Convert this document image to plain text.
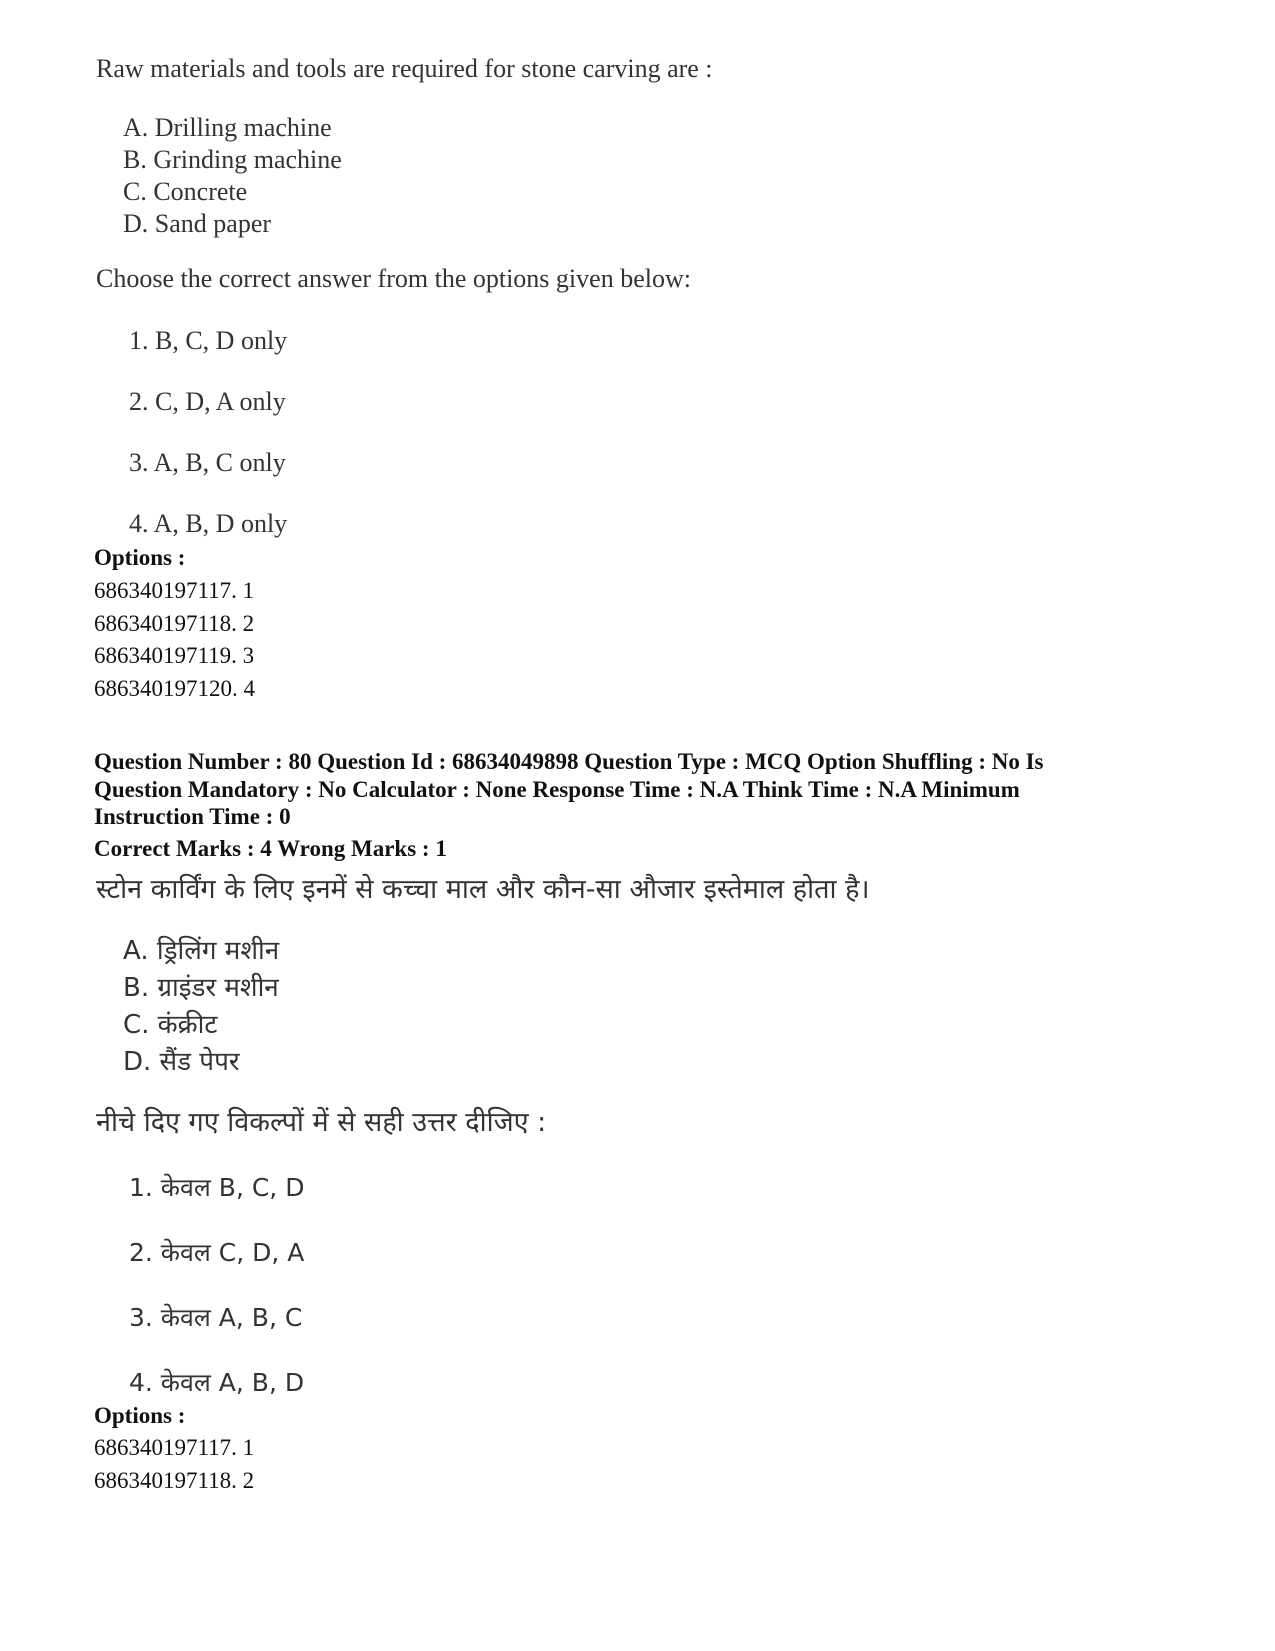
Raw materials and tools are required for stone carving are :
A. Drilling machine
B. Grinding machine
C. Concrete
D. Sand paper
Choose the correct answer from the options given below:
1. B, C, D only
2. C, D, A only
3. A, B, C only
4. A, B, D only
Options :
686340197117. 1
686340197118. 2
686340197119. 3
686340197120. 4
Question Number : 80 Question Id : 68634049898 Question Type : MCQ Option Shuffling : No Is
Question Mandatory : No Calculator : None Response Time : N.A Think Time : N.A Minimum
Instruction Time : 0
Correct Marks : 4 Wrong Marks : 1
स्टोन कार्विंग के लिए इनमें से कच्चा माल और कौन-सा औजार इस्तेमाल होता है।
A. ड्रिलिंग मशीन
B. ग्राइंडर मशीन
C. कंक्रीट
D. सैंड पेपर
नीचे दिए गए विकल्पों में से सही उत्तर दीजिए :
1. केवल B, C, D
2. केवल C, D, A
3. केवल A, B, C
4. केवल A, B, D
Options :
686340197117. 1
686340197118. 2
